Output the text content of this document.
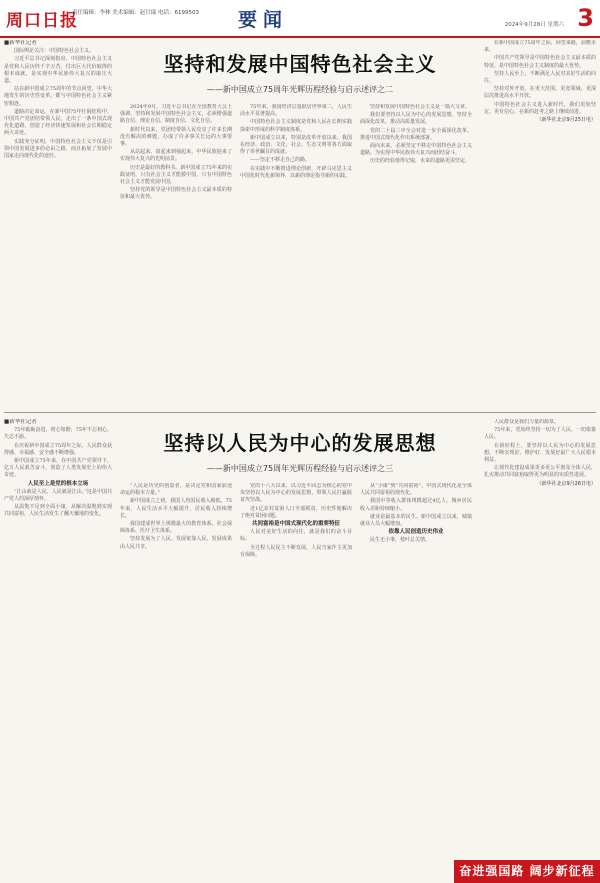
周口日报
责任编辑：李林 美术编辑：赵甘瑞 电话：6199503 要闻	2024年9月28日 星期六 3

■新华社记者

国际舆论关注：中国特色社会主义。

习近平总书记深刻指出，中国特色社会主义是党和人民历经千辛万苦、付出巨大代价取得的根本成就，是实现中华民族伟大复兴的康庄大道。

站在新中国成立75周年的节点回望，中华大地发生的历史性变革，都与中国特色社会主义紧密相连。

道路决定命运。在新中国75年壮阔征程中，中国共产党团结带领人民，走出了一条中国式现代化道路，创造了经济快速发展和社会长期稳定两大奇迹。

实践充分证明，中国特色社会主义不仅是引领中国发展进步的必由之路，而且拓展了发展中国家走向现代化的途径。

坚持和发展中国特色社会主义
——新中国成立75周年光辉历程经验与启示述评之二

2024年9月，习近平总书记在全国教育大会上强调，坚持和发展中国特色社会主义，必须增强道路自信、理论自信、制度自信、文化自信。

新时代以来，党团结带领人民攻克了许多长期没有解决的难题，办成了许多事关长远的大事要事。

从站起来、富起来到强起来，中华民族迎来了实现伟大复兴的光明前景。

历史是最好的教科书。新中国成立75年来的实践证明，只有社会主义才能救中国，只有中国特色社会主义才能发展中国。

坚持党的领导是中国特色社会主义最本质的特征和最大优势。

75年来，我国经济总量跃居世界第二，人民生活水平显著提高。

中国特色社会主义制度是党和人民在长期实践探索中形成的科学制度体系。

新中国成立以来，特别是改革开放以来，我国在经济、政治、文化、社会、生态文明等各方面取得了举世瞩目的成就。

——坚定不移走自己的路。

在实践中不断推进理论创新，开辟马克思主义中国化时代化新境界，以新的理论指导新的实践。

坚持和发展中国特色社会主义是一篇大文章。

我们要坚持以人民为中心的发展思想，坚持全面深化改革，推动高质量发展。

党的二十届三中全会对进一步全面深化改革、推进中国式现代化作出系统部署。

面向未来，必须坚定不移走中国特色社会主义道路，为实现中华民族伟大复兴而团结奋斗。

历史的经验值得记取，未来的道路更需坚定。

在新中国成立75周年之际，回望来路，前瞻未来。

中国共产党领导是中国特色社会主义最本质的特征，是中国特色社会主义制度的最大优势。

坚持人民至上，不断满足人民对美好生活的向往。

坚持对外开放，在更大范围、更宽领域、更深层次推进高水平开放。

中国特色社会主义进入新时代，我们更加坚定、更有信心，在新的赶考之路上继续前进。

（新华社北京9月25日电）

■新华社记者

75年砥砺奋进，初心如磐；75年不忘初心，矢志不渝。

在庆祝新中国成立75周年之际，人民群众获得感、幸福感、安全感不断增强。

新中国成立75年来，在中国共产党领导下，亿万人民艰苦奋斗，创造了人类发展史上的伟大奇迹。

人民至上是党的根本立场

“江山就是人民，人民就是江山。”这是中国共产党人的深厚情怀。

从温饱不足到全面小康，从解决温饱到实现共同富裕，人民生活发生了翻天覆地的变化。

坚持以人民为中心的发展思想
——新中国成立75周年光辉历程经验与启示述评之三

“人民是历史的创造者，是决定党和国家前途命运的根本力量。”

新中国成立之初，我国人均国民收入极低。75年来，人民生活水平大幅提升，居民收入持续增长。

我国建成世界上规模最大的教育体系、社会保障体系、医疗卫生体系。

坚持发展为了人民、发展依靠人民、发展成果由人民共享。

党的十八大以来，以习近平同志为核心的党中央坚持以人民为中心的发展思想，带领人民打赢脱贫攻坚战。

近1亿农村贫困人口全部脱贫，历史性地解决了绝对贫困问题。

共同富裕是中国式现代化的重要特征

人民对美好生活的向往，就是我们的奋斗目标。

全过程人民民主不断发展，人民当家作主更加有保障。

从“小康”到“共同富裕”，中国式现代化是全体人民共同富裕的现代化。

我国中等收入群体规模超过4亿人，城乡居民收入差距持续缩小。

就业是最基本的民生。新中国成立以来，城镇就业人员大幅增加。

依靠人民创造历史伟业

民生无小事，枝叶总关情。

人民群众是我们力量的源泉。

75年来，党始终坚持一切为了人民、一切依靠人民。

在新征程上，要坚持以人民为中心的发展思想，不断实现好、维护好、发展好最广大人民根本利益。

让现代化建设成果更多更公平惠及全体人民，扎实推动共同富裕取得更为明显的实质性进展。

（新华社北京9月26日电）

奋进强国路 阔步新征程
